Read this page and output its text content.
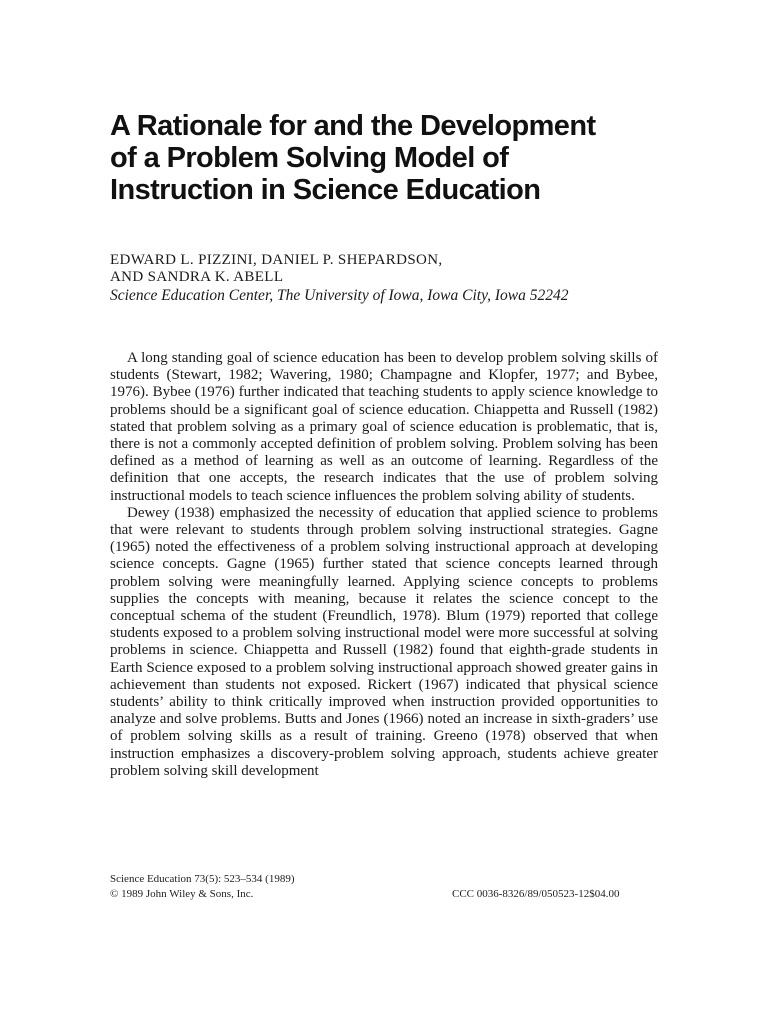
A Rationale for and the Development
of a Problem Solving Model of
Instruction in Science Education
EDWARD L. PIZZINI, DANIEL P. SHEPARDSON,
AND SANDRA K. ABELL
Science Education Center, The University of Iowa, Iowa City, Iowa 52242

A long standing goal of science education has been to develop problem solving skills of students (Stewart, 1982; Wavering, 1980; Champagne and Klopfer, 1977; and Bybee, 1976). Bybee (1976) further indicated that teaching students to apply science knowledge to problems should be a significant goal of science education. Chiappetta and Russell (1982) stated that problem solving as a primary goal of science education is problematic, that is, there is not a commonly accepted definition of problem solving. Problem solving has been defined as a method of learning as well as an outcome of learning. Regardless of the definition that one accepts, the research indicates that the use of problem solving instructional models to teach science influences the problem solving ability of students.

Dewey (1938) emphasized the necessity of education that applied science to problems that were relevant to students through problem solving instructional strategies. Gagne (1965) noted the effectiveness of a problem solving instructional approach at developing science concepts. Gagne (1965) further stated that science concepts learned through problem solving were meaningfully learned. Applying science concepts to problems supplies the concepts with meaning, because it relates the science concept to the conceptual schema of the student (Freundlich, 1978). Blum (1979) reported that college students exposed to a problem solving instructional model were more successful at solving problems in science. Chiappetta and Russell (1982) found that eighth-grade students in Earth Science exposed to a problem solving instructional approach showed greater gains in achievement than students not exposed. Rickert (1967) indicated that physical science students’ ability to think critically improved when instruction provided opportunities to analyze and solve problems. Butts and Jones (1966) noted an increase in sixth-graders’ use of problem solving skills as a result of training. Greeno (1978) observed that when instruction emphasizes a discovery-problem solving approach, students achieve greater problem solving skill development

Science Education 73(5): 523–534 (1989)
© 1989 John Wiley & Sons, Inc.	CCC 0036-8326/89/050523-12$04.00
